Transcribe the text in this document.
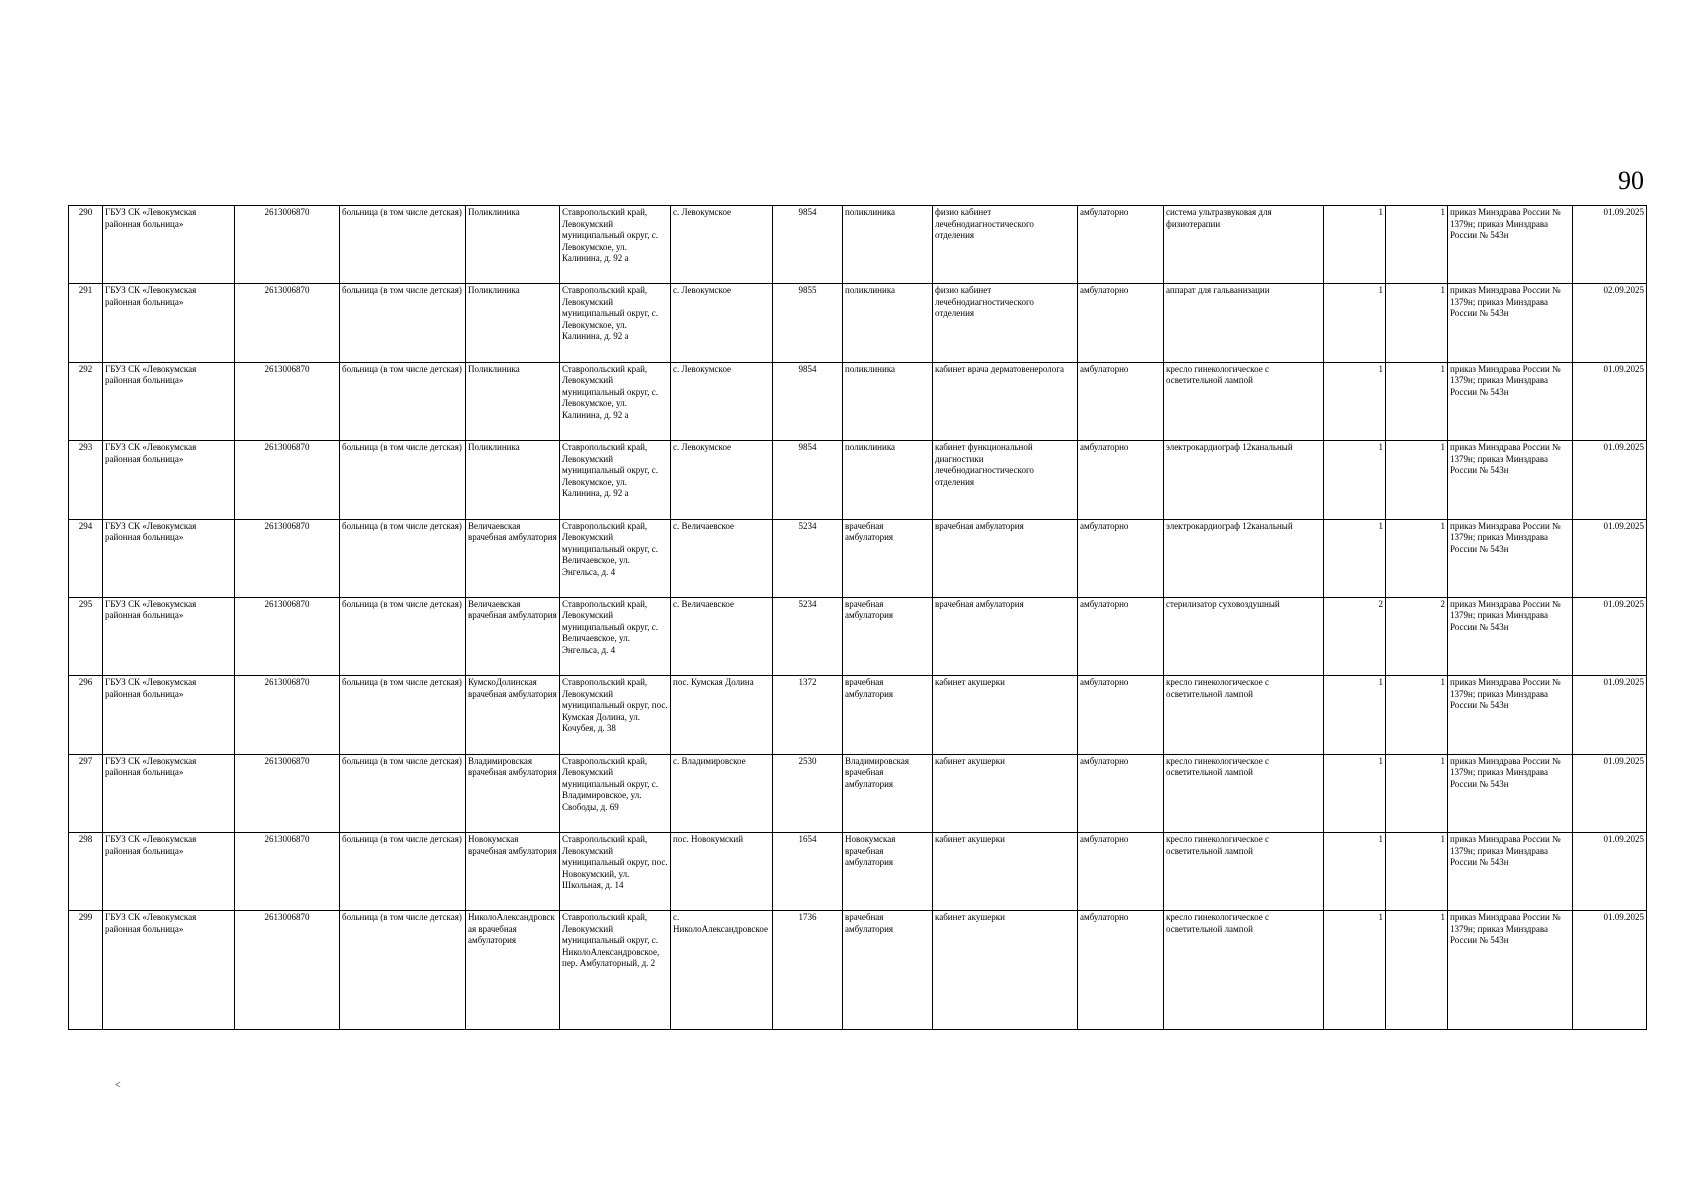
90
290	ГБУЗ СК «Левокумская районная больница»	2613006870	больница (в том числе детская)	Поликлиника	Ставропольский край, Левокумский муниципальный округ, с. Левокумское, ул. Калинина, д. 92 а	с. Левокумское	9854	поликлиника	физио кабинет лечебнодиагностического отделения	амбулаторно	система ультразвуковая для физиотерапии	1	1	приказ Минздрава России № 1379н; приказ Минздрава России № 543н	01.09.2025
291	ГБУЗ СК «Левокумская районная больница»	2613006870	больница (в том числе детская)	Поликлиника	Ставропольский край, Левокумский муниципальный округ, с. Левокумское, ул. Калинина, д. 92 а	с. Левокумское	9855	поликлиника	физио кабинет лечебнодиагностического отделения	амбулаторно	аппарат для гальванизации	1	1	приказ Минздрава России № 1379н; приказ Минздрава России № 543н	02.09.2025
292	ГБУЗ СК «Левокумская районная больница»	2613006870	больница (в том числе детская)	Поликлиника	Ставропольский край, Левокумский муниципальный округ, с. Левокумское, ул. Калинина, д. 92 а	с. Левокумское	9854	поликлиника	кабинет врача дерматовенеролога	амбулаторно	кресло гинекологическое с осветительной лампой	1	1	приказ Минздрава России № 1379н; приказ Минздрава России № 543н	01.09.2025
293	ГБУЗ СК «Левокумская районная больница»	2613006870	больница (в том числе детская)	Поликлиника	Ставропольский край, Левокумский муниципальный округ, с. Левокумское, ул. Калинина, д. 92 а	с. Левокумское	9854	поликлиника	кабинет функциональной диагностики лечебнодиагностического отделения	амбулаторно	электрокардиограф 12канальный	1	1	приказ Минздрава России № 1379н; приказ Минздрава России № 543н	01.09.2025
294	ГБУЗ СК «Левокумская районная больница»	2613006870	больница (в том числе детская)	Величаевская врачебная амбулатория	Ставропольский край, Левокумский муниципальный округ, с. Величаевское, ул. Энгельса, д. 4	с. Величаевское	5234	врачебная амбулатория	врачебная амбулатория	амбулаторно	электрокардиограф 12канальный	1	1	приказ Минздрава России № 1379н; приказ Минздрава России № 543н	01.09.2025
295	ГБУЗ СК «Левокумская районная больница»	2613006870	больница (в том числе детская)	Величаевская врачебная амбулатория	Ставропольский край, Левокумский муниципальный округ, с. Величаевское, ул. Энгельса, д. 4	с. Величаевское	5234	врачебная амбулатория	врачебная амбулатория	амбулаторно	стерилизатор суховоздушный	2	2	приказ Минздрава России № 1379н; приказ Минздрава России № 543н	01.09.2025
296	ГБУЗ СК «Левокумская районная больница»	2613006870	больница (в том числе детская)	КумскоДолинская врачебная амбулатория	Ставропольский край, Левокумский муниципальный округ, пос. Кумская Долина, ул. Кочубея, д. 38	пос. Кумская Долина	1372	врачебная амбулатория	кабинет акушерки	амбулаторно	кресло гинекологическое с осветительной лампой	1	1	приказ Минздрава России № 1379н; приказ Минздрава России № 543н	01.09.2025
297	ГБУЗ СК «Левокумская районная больница»	2613006870	больница (в том числе детская)	Владимировская врачебная амбулатория	Ставропольский край, Левокумский муниципальный округ, с. Владимировское, ул. Свободы, д. 69	с. Владимировское	2530	Владимировская врачебная амбулатория	кабинет акушерки	амбулаторно	кресло гинекологическое с осветительной лампой	1	1	приказ Минздрава России № 1379н; приказ Минздрава России № 543н	01.09.2025
298	ГБУЗ СК «Левокумская районная больница»	2613006870	больница (в том числе детская)	Новокумская врачебная амбулатория	Ставропольский край, Левокумский муниципальный округ, пос. Новокумский, ул. Школьная, д. 14	пос. Новокумский	1654	Новокумская врачебная амбулатория	кабинет акушерки	амбулаторно	кресло гинекологическое с осветительной лампой	1	1	приказ Минздрава России № 1379н; приказ Минздрава России № 543н	01.09.2025
299	ГБУЗ СК «Левокумская районная больница»	2613006870	больница (в том числе детская)	НиколоАлександровская врачебная амбулатория	Ставропольский край, Левокумский муниципальный округ, с. НиколоАлександровское, пер. Амбулаторный, д. 2	с. НиколоАлександровское	1736	врачебная амбулатория	кабинет акушерки	амбулаторно	кресло гинекологическое с осветительной лампой	1	1	приказ Минздрава России № 1379н; приказ Минздрава России № 543н	01.09.2025
˂
